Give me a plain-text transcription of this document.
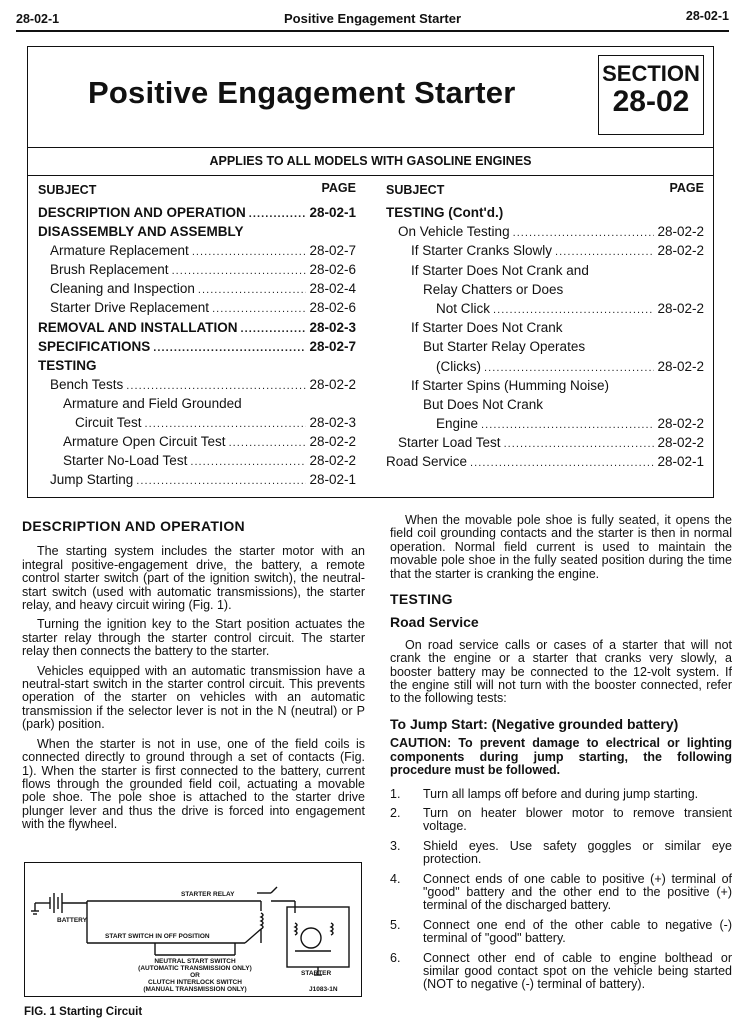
28-02-1	Positive Engagement Starter	28-02-1
Positive Engagement Starter
SECTION
28-02
APPLIES TO ALL MODELS WITH GASOLINE ENGINES
SUBJECT	PAGE
DESCRIPTION AND OPERATION . . .	28-02-1
DISASSEMBLY AND ASSEMBLY
Armature Replacement . . .	28-02-7
Brush Replacement . . .	28-02-6
Cleaning and Inspection . . .	28-02-4
Starter Drive Replacement . . .	28-02-6
REMOVAL AND INSTALLATION . . .	28-02-3
SPECIFICATIONS . . .	28-02-7
TESTING
Bench Tests . . .	28-02-2
Armature and Field Grounded
Circuit Test . . .	28-02-3
Armature Open Circuit Test . . .	28-02-2
Starter No-Load Test . . .	28-02-2
Jump Starting . . .	28-02-1
SUBJECT	PAGE
TESTING (Cont'd.)
On Vehicle Testing . . .	28-02-2
If Starter Cranks Slowly . . .	28-02-2
If Starter Does Not Crank and
Relay Chatters or Does
Not Click . . .	28-02-2
If Starter Does Not Crank
But Starter Relay Operates
(Clicks) . . .	28-02-2
If Starter Spins (Humming Noise)
But Does Not Crank
Engine . . .	28-02-2
Starter Load Test . . .	28-02-2
Road Service . . .	28-02-1
DESCRIPTION AND OPERATION

The starting system includes the starter motor with an integral positive-engagement drive, the battery, a remote control starter switch (part of the ignition switch), the neutral-start switch (used with automatic transmissions), the starter relay, and heavy circuit wiring (Fig. 1).

Turning the ignition key to the Start position actuates the starter relay through the starter control circuit. The starter relay then connects the battery to the starter.

Vehicles equipped with an automatic transmission have a neutral-start switch in the starter control circuit. This prevents operation of the starter on vehicles with an automatic transmission if the selector lever is not in the N (neutral) or P (park) position.

When the starter is not in use, one of the field coils is connected directly to ground through a set of contacts (Fig. 1). When the starter is first connected to the battery, current flows through the grounded field coil, actuating a movable pole shoe. The pole shoe is attached to the starter drive plunger lever and thus the drive is forced into engagement with the flywheel.

BATTERY
STARTER RELAY
START SWITCH IN OFF POSITION
STARTER
NEUTRAL START SWITCH
(AUTOMATIC TRANSMISSION ONLY)
OR
CLUTCH INTERLOCK SWITCH
(MANUAL TRANSMISSION ONLY)	J1083-1N
FIG. 1 Starting Circuit

When the movable pole shoe is fully seated, it opens the field coil grounding contacts and the starter is then in normal operation. Normal field current is used to maintain the movable pole shoe in the fully seated position during the time that the starter is cranking the engine.

TESTING
Road Service

On road service calls or cases of a starter that will not crank the engine or a starter that cranks very slowly, a booster battery may be connected to the 12-volt system. If the engine still will not turn with the booster connected, refer to the following tests:

To Jump Start: (Negative grounded battery)
CAUTION: To prevent damage to electrical or lighting components during jump starting, the following procedure must be followed.
1.	Turn all lamps off before and during jump starting.
2.	Turn on heater blower motor to remove transient voltage.
3.	Shield eyes. Use safety goggles or similar eye protection.
4.	Connect ends of one cable to positive (+) terminal of "good" battery and the other end to the positive (+) terminal of the discharged battery.
5.	Connect one end of the other cable to negative (-) terminal of "good" battery.
6.	Connect other end of cable to engine bolthead or similar good contact spot on the vehicle being started (NOT to negative (-) terminal of battery).
